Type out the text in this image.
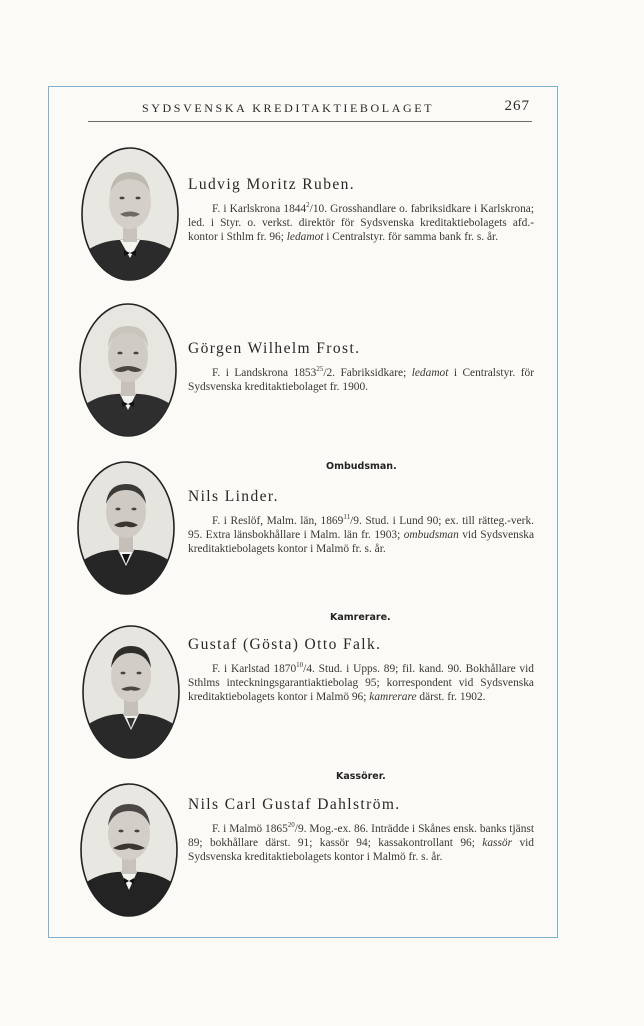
SYDSVENSKA KREDITAKTIEBOLAGET	267
Ludvig Moritz Ruben.
F. i Karlskrona 1844$^2$/10. Grosshandlare o. fabriksidkare i Karlskrona; led. i Styr. o. verkst. direktör för Sydsvenska kreditaktiebolagets afd.-kontor i Sthlm fr. 96; ledamot i Centralstyr. för samma bank fr. s. år.
Görgen Wilhelm Frost.
F. i Landskrona 1853$^{25}$/2. Fabriksidkare; ledamot i Centralstyr. för Sydsvenska kreditaktiebolaget fr. 1900.
Ombudsman.
Nils Linder.
F. i Reslöf, Malm. län, 1869$^{11}$/9. Stud. i Lund 90; ex. till rätteg.-verk. 95. Extra länsbokhållare i Malm. län fr. 1903; ombudsman vid Sydsvenska kreditaktiebolagets kontor i Malmö fr. s. år.
Kamrerare.
Gustaf (Gösta) Otto Falk.
F. i Karlstad 1870$^{10}$/4. Stud. i Upps. 89; fil. kand. 90. Bokhållare vid Sthlms inteckningsgarantiaktiebolag 95; korrespondent vid Sydsvenska kreditaktiebolagets kontor i Malmö 96; kamrerare därst. fr. 1902.
Kassörer.
Nils Carl Gustaf Dahlström.
F. i Malmö 1865$^{20}$/9. Mog.-ex. 86. Inträdde i Skånes ensk. banks tjänst 89; bokhållare därst. 91; kassör 94; kassakontrollant 96; kassör vid Sydsvenska kreditaktiebolagets kontor i Malmö fr. s. år.
